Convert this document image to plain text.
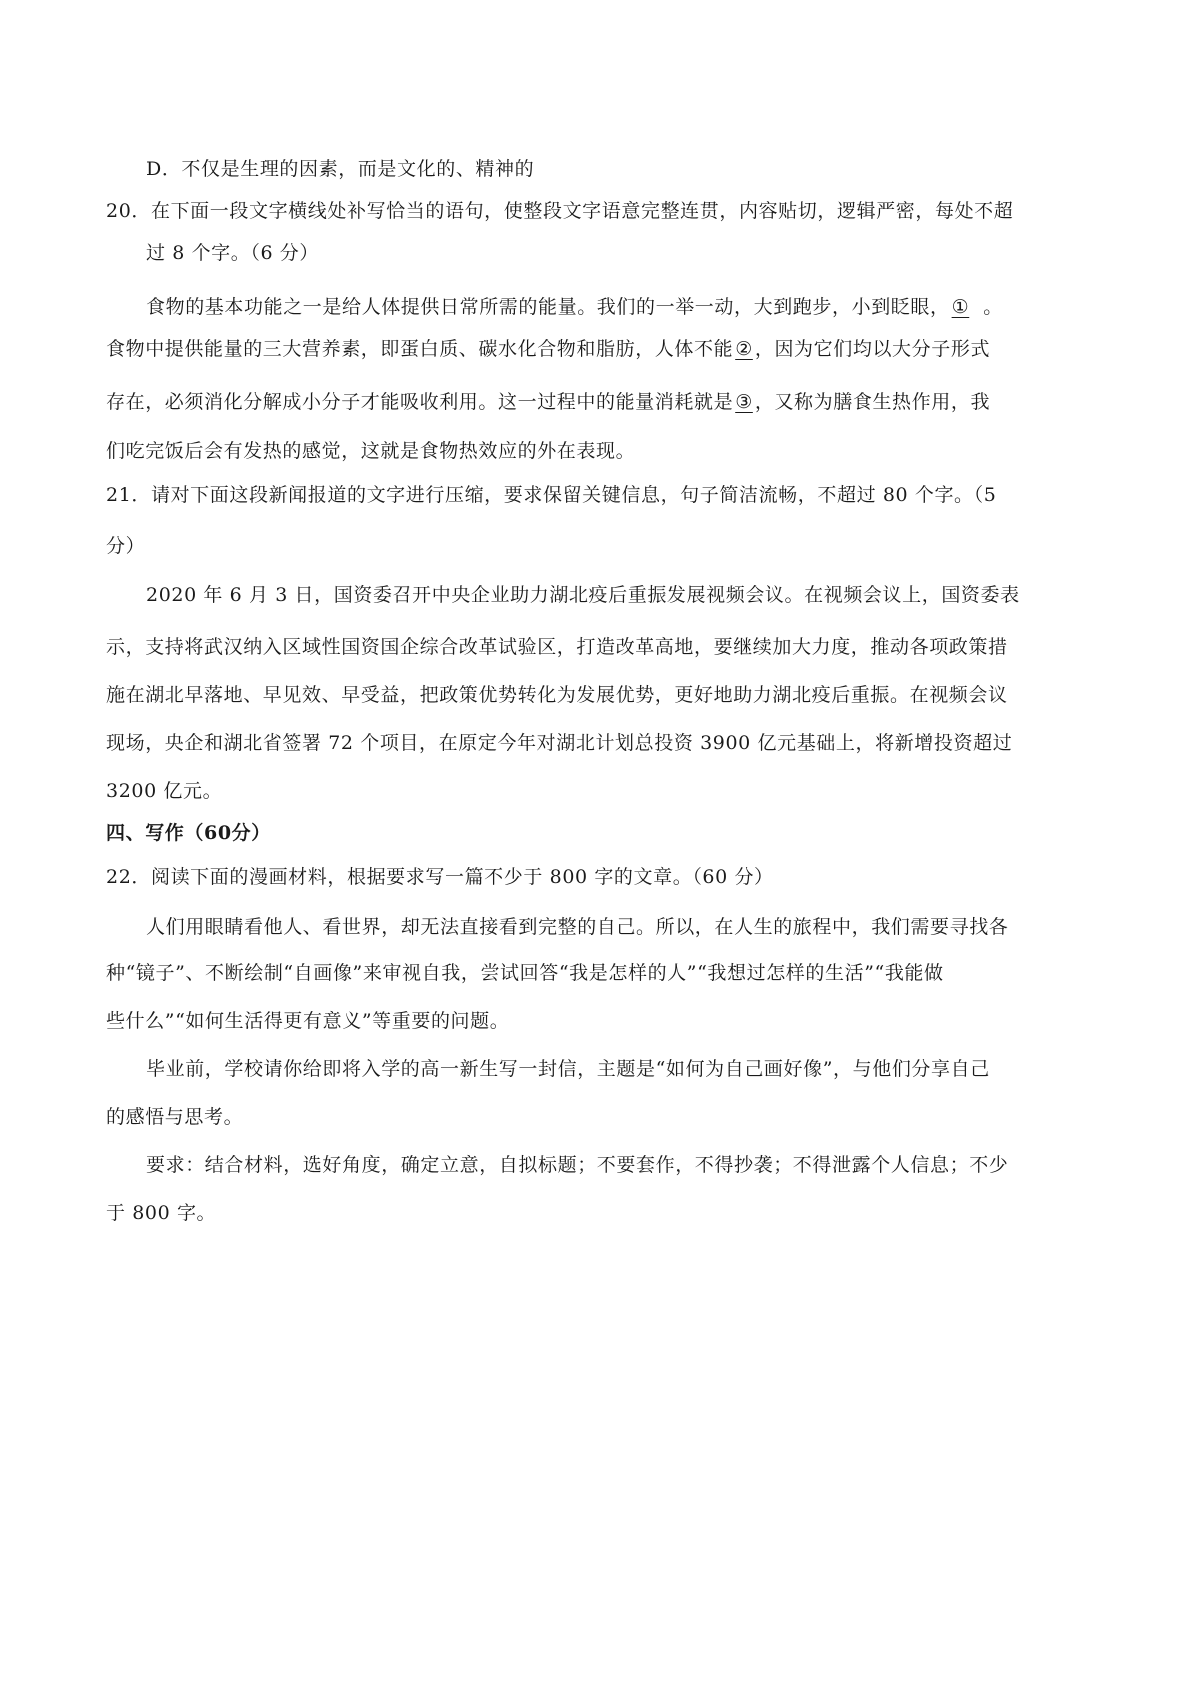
D．不仅是生理的因素，而是文化的、精神的
20．在下面一段文字横线处补写恰当的语句，使整段文字语意完整连贯，内容贴切，逻辑严密，每处不超
过 8 个字。（6 分）
食物的基本功能之一是给人体提供日常所需的能量。我们的一举一动，大到跑步，小到眨眼， ① 。
食物中提供能量的三大营养素，即蛋白质、碳水化合物和脂肪，人体不能 ② ，因为它们均以大分子形式
存在，必须消化分解成小分子才能吸收利用。这一过程中的能量消耗就是 ③ ，又称为膳食生热作用，我
们吃完饭后会有发热的感觉，这就是食物热效应的外在表现。
21．请对下面这段新闻报道的文字进行压缩，要求保留关键信息，句子简洁流畅，不超过 80 个字。（5
分）
2020 年 6 月 3 日，国资委召开中央企业助力湖北疫后重振发展视频会议。在视频会议上，国资委表
示，支持将武汉纳入区域性国资国企综合改革试验区，打造改革高地，要继续加大力度，推动各项政策措
施在湖北早落地、早见效、早受益，把政策优势转化为发展优势，更好地助力湖北疫后重振。在视频会议
现场，央企和湖北省签署 72 个项目，在原定今年对湖北计划总投资 3900 亿元基础上，将新增投资超过
3200 亿元。
四、写作（60分）
22．阅读下面的漫画材料，根据要求写一篇不少于 800 字的文章。（60 分）
人们用眼睛看他人、看世界，却无法直接看到完整的自己。所以，在人生的旅程中，我们需要寻找各
种“镜子”、不断绘制“自画像”来审视自我，尝试回答“我是怎样的人”“我想过怎样的生活”“我能做
些什么”“如何生活得更有意义”等重要的问题。
毕业前，学校请你给即将入学的高一新生写一封信，主题是“如何为自己画好像”，与他们分享自己
的感悟与思考。
要求：结合材料，选好角度，确定立意，自拟标题；不要套作，不得抄袭；不得泄露个人信息；不少
于 800 字。
